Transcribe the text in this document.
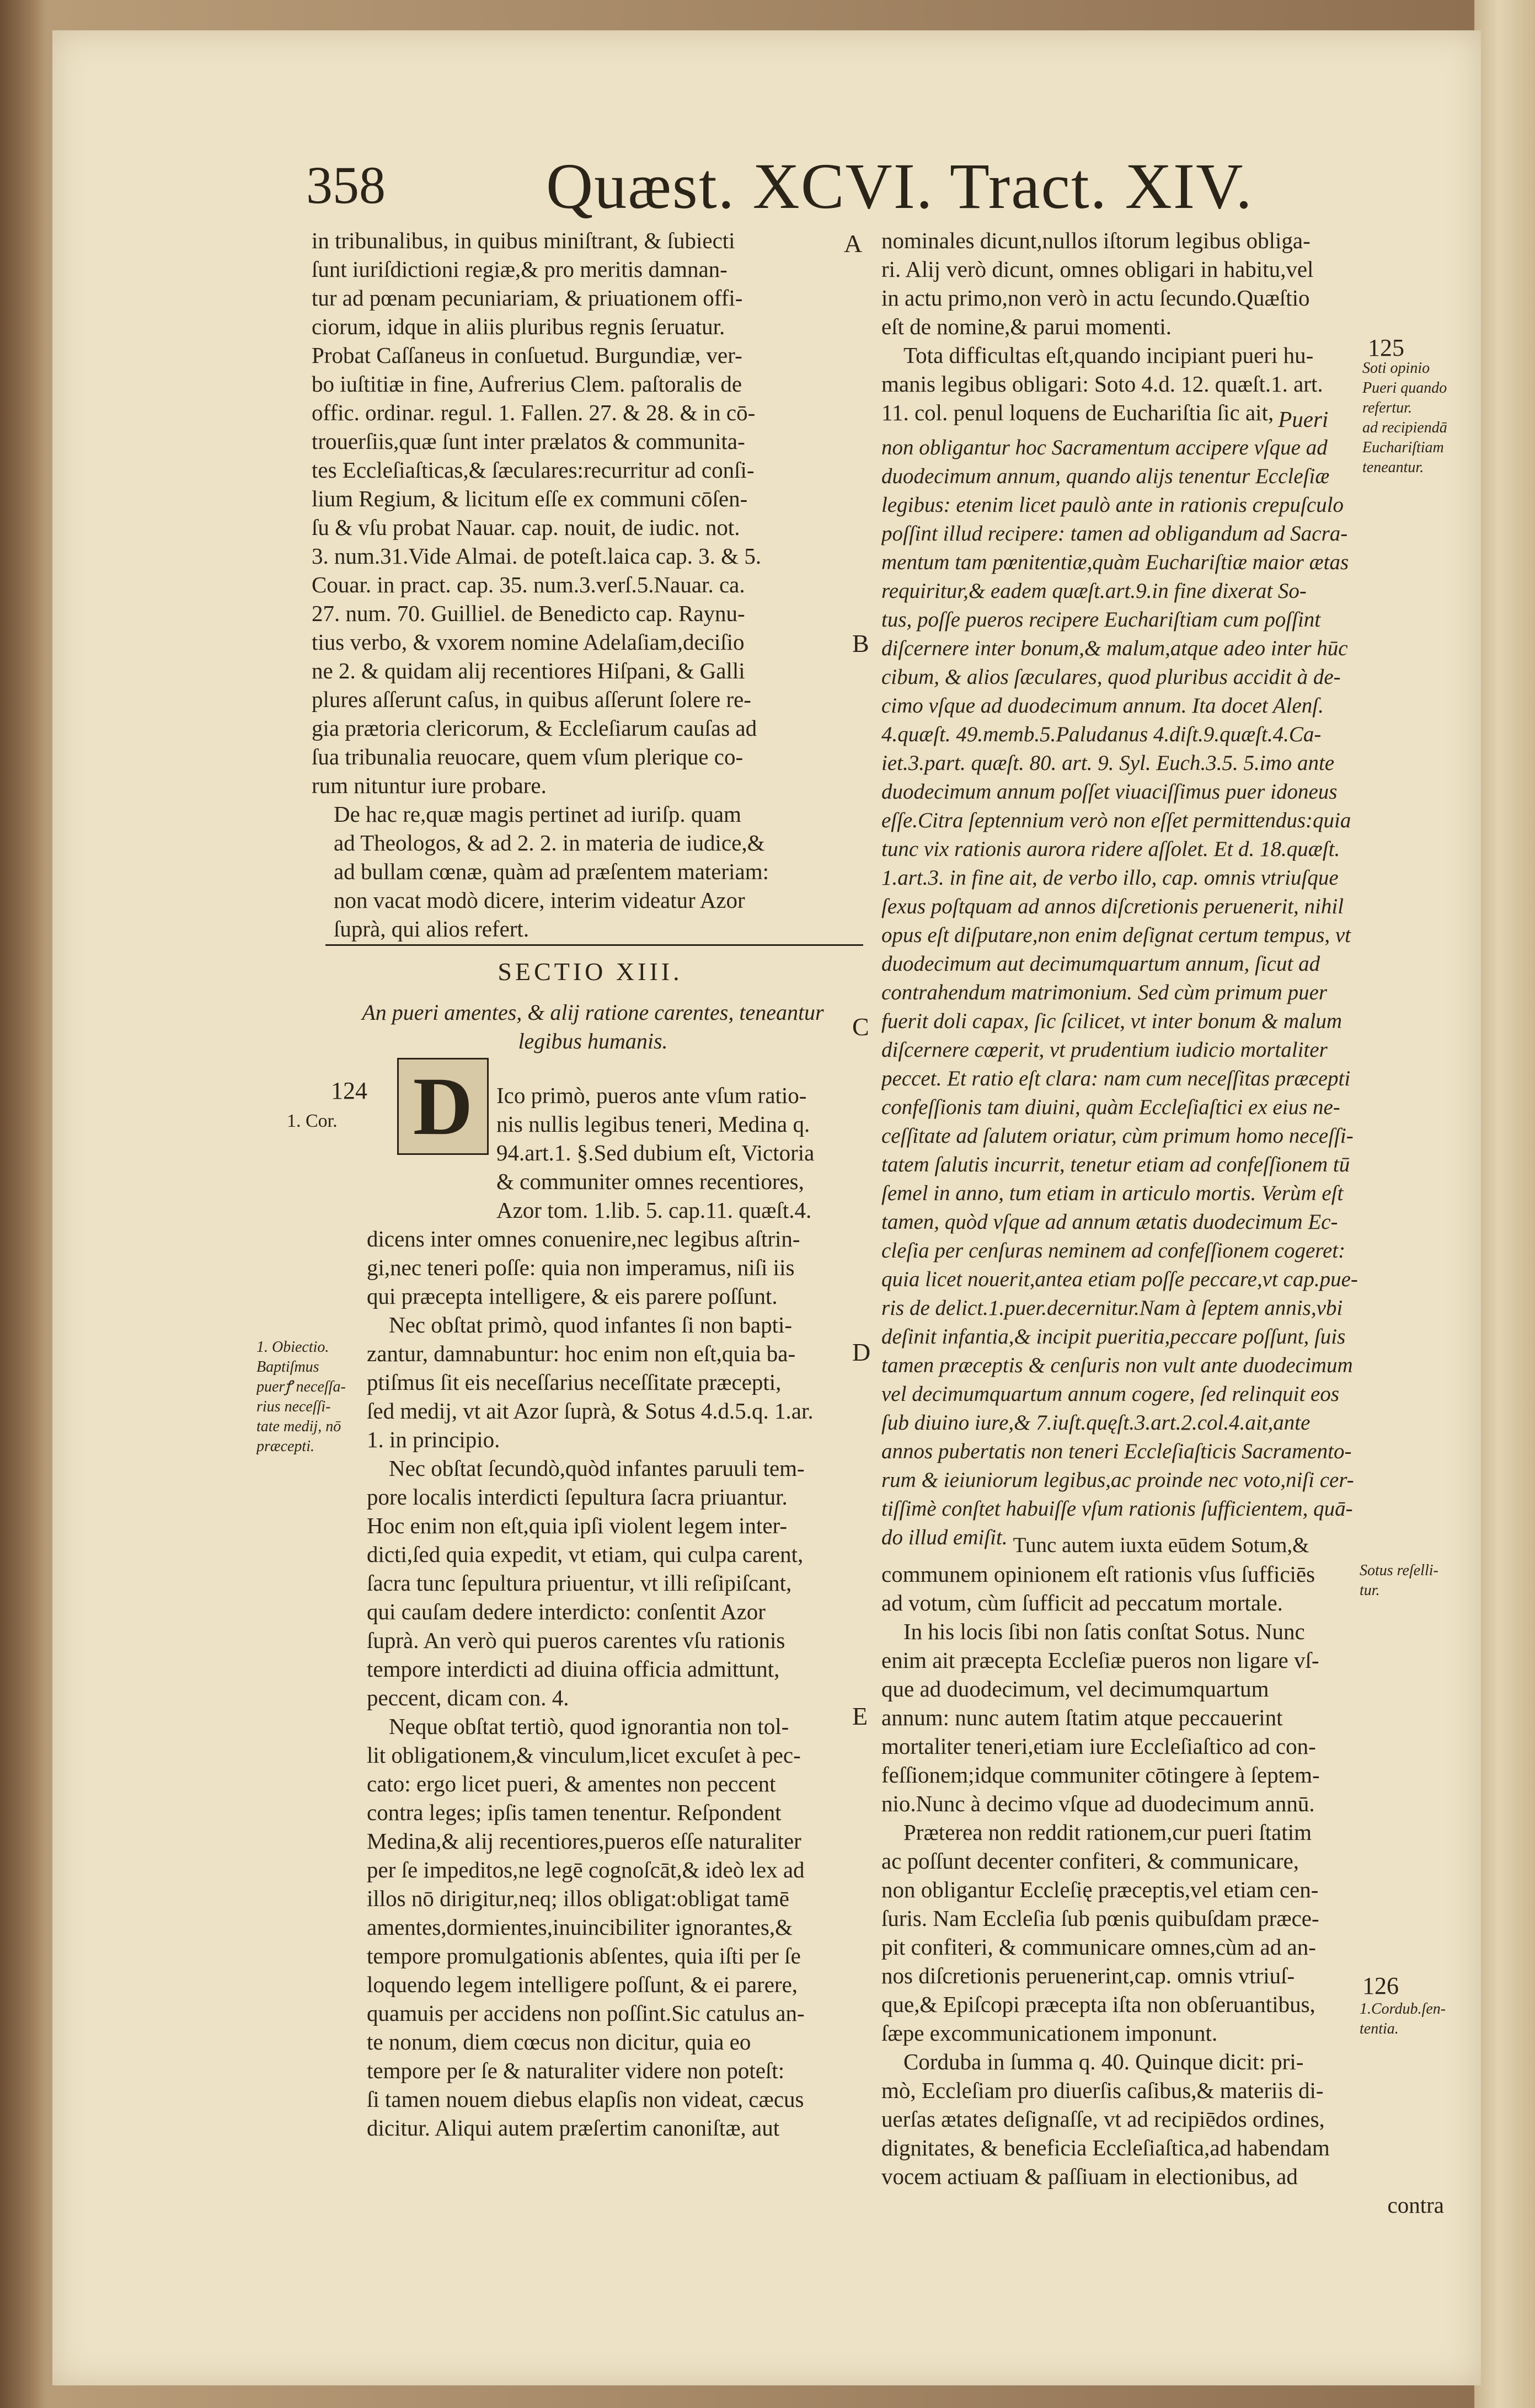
358 Quæst. XCVI. Tract. XIV.
in tribunalibus, in quibus miniſtrant, & ſubiecti
ſunt iuriſdictioni regiæ,& pro meritis damnan-
tur ad pœnam pecuniariam, & priuationem offi-
ciorum, idque in aliis pluribus regnis ſeruatur.
Probat Caſſaneus in conſuetud. Burgundiæ, ver-
bo iuſtitiæ in fine, Aufrerius Clem. paſtoralis de
offic. ordinar. regul. 1. Fallen. 27. & 28. & in cō-
trouerſiis,quæ ſunt inter prælatos & communita-
tes Eccleſiaſticas,& ſæculares:recurritur ad conſi-
lium Regium, & licitum eſſe ex communi cōſen-
ſu & vſu probat Nauar. cap. nouit, de iudic. not.
3. num.31.Vide Almai. de poteſt.laica cap. 3. & 5.
Couar. in pract. cap. 35. num.3.verſ.5.Nauar. ca.
27. num. 70. Guilliel. de Benedicto cap. Raynu-
tius verbo, & vxorem nomine Adelaſiam,deciſio
ne 2. & quidam alij recentiores Hiſpani, & Galli
plures aſſerunt caſus, in quibus aſſerunt ſolere re-
gia prætoria clericorum, & Eccleſiarum cauſas ad
ſua tribunalia reuocare, quem vſum plerique co-
rum nituntur iure probare.
De hac re,quæ magis pertinet ad iuriſp. quam
ad Theologos, & ad 2. 2. in materia de iudice,&
ad bullam cœnæ, quàm ad præſentem materiam:
non vacat modò dicere, interim videatur Azor
ſuprà, qui alios refert.
SECTIO XIII.
An pueri amentes, & alij ratione carentes, teneantur legibus humanis.
D	Ico primò, pueros ante vſum ratio-
nis nullis legibus teneri, Medina q.
94.art.1. §.Sed dubium eſt, Victoria
& communiter omnes recentiores,
Azor tom. 1.lib. 5. cap.11. quæſt.4.
dicens inter omnes conuenire,nec legibus aſtrin-
gi,nec teneri poſſe: quia non imperamus, niſi iis
qui præcepta intelligere, & eis parere poſſunt.
Nec obſtat primò, quod infantes ſi non bapti-
zantur, damnabuntur: hoc enim non eſt,quia ba-
ptiſmus ſit eis neceſſarius neceſſitate præcepti,
ſed medij, vt ait Azor ſuprà, & Sotus 4.d.5.q. 1.ar.
1. in principio.
Nec obſtat ſecundò,quòd infantes paruuli tem-
pore localis interdicti ſepultura ſacra priuantur.
Hoc enim non eſt,quia ipſi violent legem inter-
dicti,ſed quia expedit, vt etiam, qui culpa carent,
ſacra tunc ſepultura priuentur, vt illi reſipiſcant,
qui cauſam dedere interdicto: conſentit Azor
ſuprà. An verò qui pueros carentes vſu rationis
tempore interdicti ad diuina officia admittunt,
peccent, dicam con. 4.
Neque obſtat tertiò, quod ignorantia non tol-
lit obligationem,& vinculum,licet excuſet à pec-
cato: ergo licet pueri, & amentes non peccent
contra leges; ipſis tamen tenentur. Reſpondent
Medina,& alij recentiores,pueros eſſe naturaliter
per ſe impeditos,ne legē cognoſcāt,& ideò lex ad
illos nō dirigitur,neq; illos obligat:obligat tamē
amentes,dormientes,inuincibiliter ignorantes,&
tempore promulgationis abſentes, quia iſti per ſe
loquendo legem intelligere poſſunt, & ei parere,
quamuis per accidens non poſſint.Sic catulus an-
te nonum, diem cœcus non dicitur, quia eo
tempore per ſe & naturaliter videre non poteſt:
ſi tamen nouem diebus elapſis non videat, cæcus
dicitur. Aliqui autem præſertim canoniſtæ, aut
nominales dicunt,nullos iſtorum legibus obliga-
ri. Alij verò dicunt, omnes obligari in habitu,vel
in actu primo,non verò in actu ſecundo.Quæſtio
eſt de nomine,& parui momenti.
Tota difficultas eſt,quando incipiant pueri hu-
manis legibus obligari: Soto 4.d. 12. quæſt.1. art.
11. col. penul loquens de Euchariſtia ſic ait, Pueri
non obligantur hoc Sacramentum accipere vſque ad
duodecimum annum, quando alijs tenentur Eccleſiæ
legibus: etenim licet paulò ante in rationis crepuſculo
poſſint illud recipere: tamen ad obligandum ad Sacra-
mentum tam pœnitentiæ,quàm Euchariſtiæ maior ætas
requiritur,& eadem quæſt.art.9.in fine dixerat So-
tus, poſſe pueros recipere Euchariſtiam cum poſſint
diſcernere inter bonum,& malum,atque adeo inter hūc
cibum, & alios ſæculares, quod pluribus accidit à de-
cimo vſque ad duodecimum annum. Ita docet Alenſ.
4.quæſt. 49.memb.5.Paludanus 4.diſt.9.quæſt.4.Ca-
iet.3.part. quæſt. 80. art. 9. Syl. Euch.3.5. 5.imo ante
duodecimum annum poſſet viuaciſſimus puer idoneus
eſſe.Citra ſeptennium verò non eſſet permittendus:quia
tunc vix rationis aurora ridere aſſolet. Et d. 18.quæſt.
1.art.3. in fine ait, de verbo illo, cap. omnis vtriuſque
ſexus poſtquam ad annos diſcretionis peruenerit, nihil
opus eſt diſputare,non enim deſignat certum tempus, vt
duodecimum aut decimumquartum annum, ſicut ad
contrahendum matrimonium. Sed cùm primum puer
fuerit doli capax, ſic ſcilicet, vt inter bonum & malum
diſcernere cœperit, vt prudentium iudicio mortaliter
peccet. Et ratio eſt clara: nam cum neceſſitas præcepti
confeſſionis tam diuini, quàm Eccleſiaſtici ex eius ne-
ceſſitate ad ſalutem oriatur, cùm primum homo neceſſi-
tatem ſalutis incurrit, tenetur etiam ad confeſſionem tū
ſemel in anno, tum etiam in articulo mortis. Verùm eſt
tamen, quòd vſque ad annum ætatis duodecimum Ec-
cleſia per cenſuras neminem ad confeſſionem cogeret:
quia licet nouerit,antea etiam poſſe peccare,vt cap.pue-
ris de delict.1.puer.decernitur.Nam à ſeptem annis,vbi
deſinit infantia,& incipit pueritia,peccare poſſunt, ſuis
tamen præceptis & cenſuris non vult ante duodecimum
vel decimumquartum annum cogere, ſed relinquit eos
ſub diuino iure,& 7.iuſt.quęſt.3.art.2.col.4.ait,ante
annos pubertatis non teneri Eccleſiaſticis Sacramento-
rum & ieiuniorum legibus,ac proinde nec voto,niſi cer-
tiſſimè conſtet habuiſſe vſum rationis ſufficientem, quā-
do illud emiſit. Tunc autem iuxta eūdem Sotum,&
communem opinionem eſt rationis vſus ſufficiēs
ad votum, cùm ſufficit ad peccatum mortale.
In his locis ſibi non ſatis conſtat Sotus. Nunc
enim ait præcepta Eccleſiæ pueros non ligare vſ-
que ad duodecimum, vel decimumquartum
annum: nunc autem ſtatim atque peccauerint
mortaliter teneri,etiam iure Eccleſiaſtico ad con-
feſſionem;idque communiter cōtingere à ſeptem-
nio.Nunc à decimo vſque ad duodecimum annū.
Præterea non reddit rationem,cur pueri ſtatim
ac poſſunt decenter confiteri, & communicare,
non obligantur Eccleſię præceptis,vel etiam cen-
ſuris. Nam Eccleſia ſub pœnis quibuſdam præce-
pit confiteri, & communicare omnes,cùm ad an-
nos diſcretionis peruenerint,cap. omnis vtriuſ-
que,& Epiſcopi præcepta iſta non obſeruantibus,
ſæpe excommunicationem imponunt.
Corduba in ſumma q. 40. Quinque dicit: pri-
mò, Eccleſiam pro diuerſis caſibus,& materiis di-
uerſas ætates deſignaſſe, vt ad recipiēdos ordines,
dignitates, & beneficia Eccleſiaſtica,ad habendam
vocem actiuam & paſſiuam in electionibus, ad
contra
A
B
C
D
E
124
125
126
1. Cor.
1. Obiectio.
Baptiſmus
puerꝭ neceſſa-
rius neceſſi-
tate medij, nō
præcepti.
Soti opinio
Pueri quando
refertur.
ad recipiendā
Euchariſtiam
teneantur.
Sotus reſelli-
tur.
1.Cordub.ſen-
tentia.
